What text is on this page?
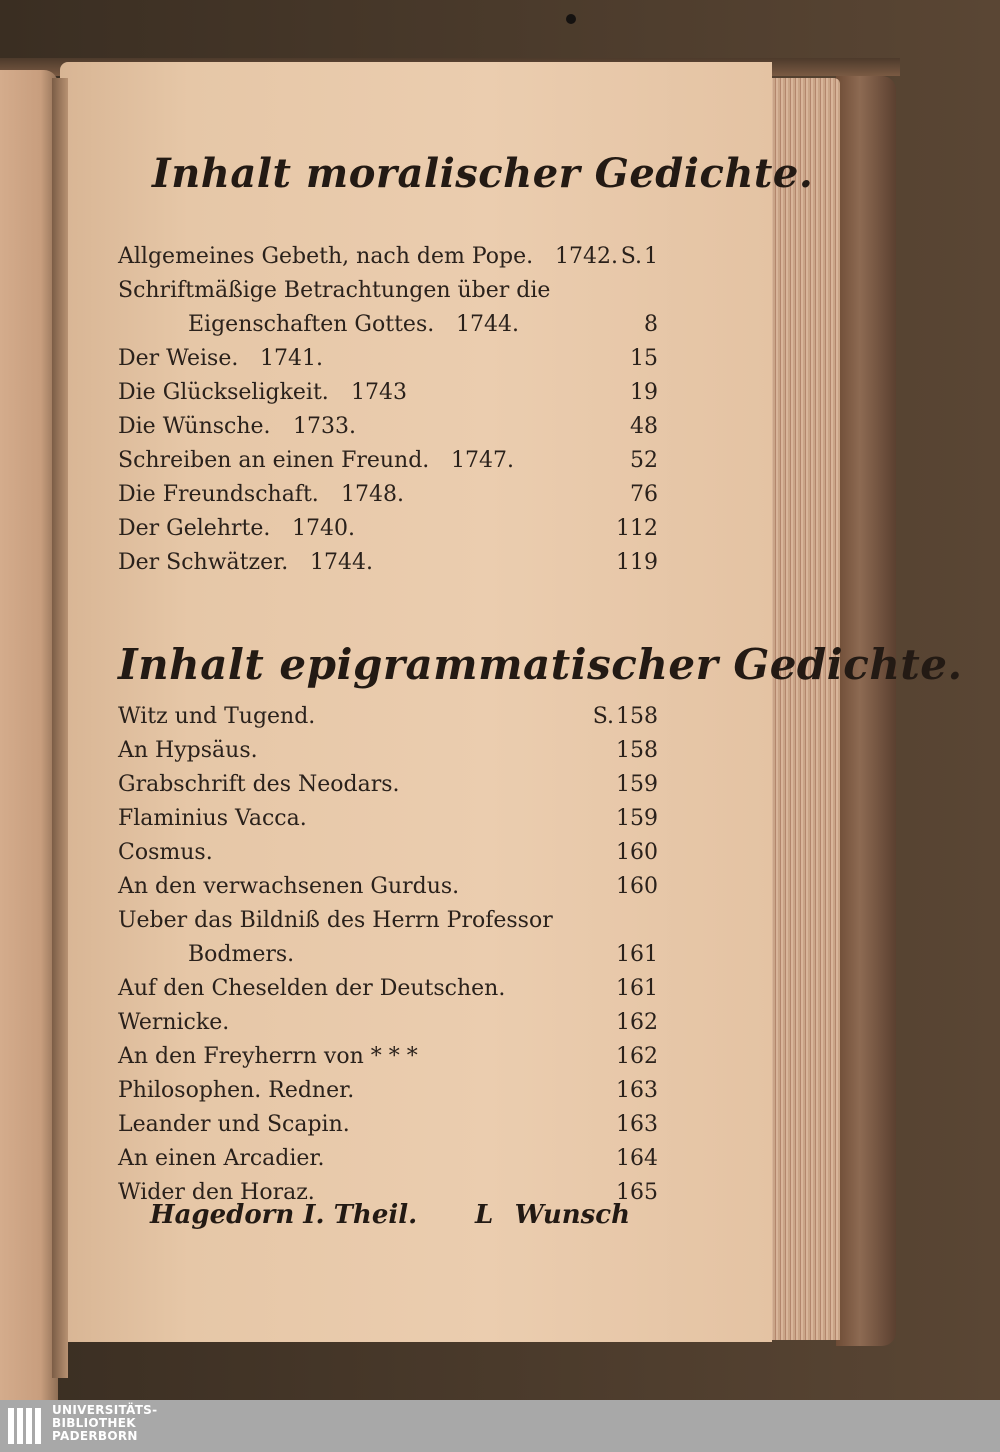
Inhalt moralischer Gedichte.
Allgemeines Gebeth, nach dem Pope. 1742. S.1
Schriftmäßige Betrachtungen über die
Eigenschaften Gottes. 1744.	8
Der Weise. 1741.	15
Die Glückseligkeit. 1743	19
Die Wünsche. 1733.	48
Schreiben an einen Freund. 1747.	52
Die Freundschaft. 1748.	76
Der Gelehrte. 1740.	112
Der Schwätzer. 1744.	119
Inhalt epigrammatischer Gedichte.
Witz und Tugend.	S.158
An Hypsäus.	158
Grabschrift des Neodars.	159
Flaminius Vacca.	159
Cosmus.	160
An den verwachsenen Gurdus.	160
Ueber das Bildniß des Herrn Professor
Bodmers.	161
Auf den Cheselden der Deutschen.	161
Wernicke.	162
An den Freyherrn von * * *	162
Philosophen. Redner.	163
Leander und Scapin.	163
An einen Arcadier.	164
Wider den Horaz.	165
Hagedorn I. Theil. L Wunsch
UNIVERSITÄTS-
BIBLIOTHEK
PADERBORN
